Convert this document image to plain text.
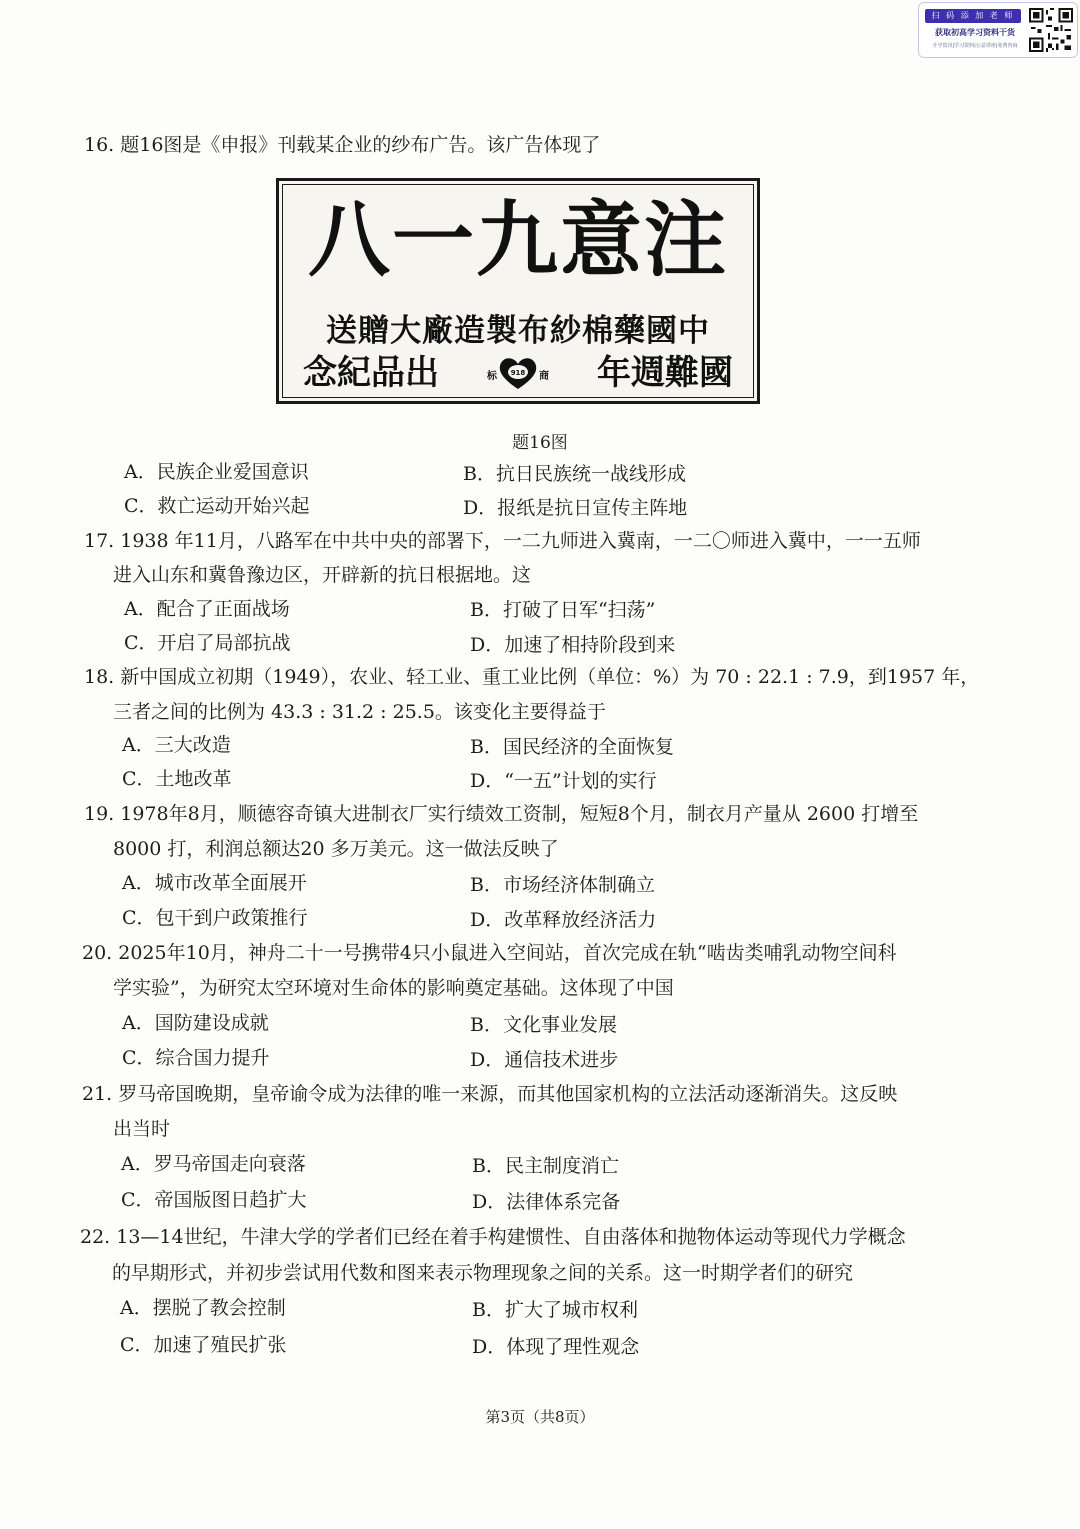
扫 码 添 加 老 师
获取初高学习资料干货
升学资讯|学习资料|公益讲座|免费咨询
16. 题16图是《申报》刊载某企业的纱布广告。该广告体现了
八一九意注
送贈大廠造製布紗棉藥國中
念紀品出	标 918 商 年週難國
题16图
A．民族企业爱国意识	B．抗日民族统一战线形成
C．救亡运动开始兴起	D．报纸是抗日宣传主阵地
17. 1938 年11月，八路军在中共中央的部署下，一二九师进入冀南，一二〇师进入冀中，一一五师
进入山东和冀鲁豫边区，开辟新的抗日根据地。这
A．配合了正面战场	B．打破了日军“扫荡”
C．开启了局部抗战	D．加速了相持阶段到来
18. 新中国成立初期（1949），农业、轻工业、重工业比例（单位：%）为 70 : 22.1 : 7.9，到1957 年，
三者之间的比例为 43.3 : 31.2 : 25.5。该变化主要得益于
A．三大改造	B．国民经济的全面恢复
C．土地改革	D．“一五”计划的实行
19. 1978年8月，顺德容奇镇大进制衣厂实行绩效工资制，短短8个月，制衣月产量从 2600 打增至
8000 打，利润总额达20 多万美元。这一做法反映了
A．城市改革全面展开	B．市场经济体制确立
C．包干到户政策推行	D．改革释放经济活力
20. 2025年10月，神舟二十一号携带4只小鼠进入空间站，首次完成在轨“啮齿类哺乳动物空间科
学实验”，为研究太空环境对生命体的影响奠定基础。这体现了中国
A．国防建设成就	B．文化事业发展
C．综合国力提升	D．通信技术进步
21. 罗马帝国晚期，皇帝谕令成为法律的唯一来源，而其他国家机构的立法活动逐渐消失。这反映
出当时
A．罗马帝国走向衰落	B．民主制度消亡
C．帝国版图日趋扩大	D．法律体系完备
22. 13—14世纪，牛津大学的学者们已经在着手构建惯性、自由落体和抛物体运动等现代力学概念
的早期形式，并初步尝试用代数和图来表示物理现象之间的关系。这一时期学者们的研究
A．摆脱了教会控制	B．扩大了城市权利
C．加速了殖民扩张	D．体现了理性观念
第3页（共8页）
